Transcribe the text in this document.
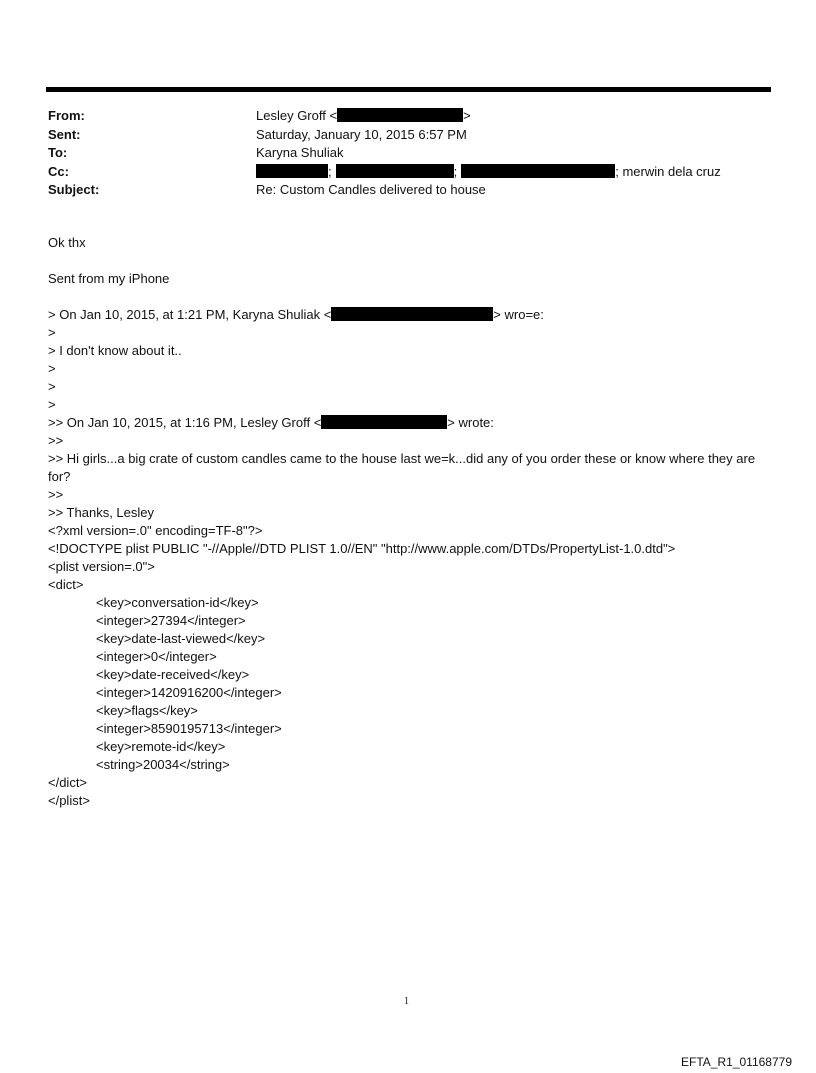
From:	Lesley Groff <	>
Sent:	Saturday, January 10, 2015 6:57 PM
To:	Karyna Shuliak
Cc:	;	;	; merwin dela cruz
Subject:	Re: Custom Candles delivered to house
Ok thx
Sent from my iPhone
> On Jan 10, 2015, at 1:21 PM, Karyna Shuliak <	> wro=e:
>
> I don't know about it..
>
>
>
>> On Jan 10, 2015, at 1:16 PM, Lesley Groff <	> wrote:
>>
>> Hi girls...a big crate of custom candles came to the house last we=k...did any of you order these or know where they are for?
>>
>> Thanks, Lesley
<?xml version=.0" encoding=TF-8"?>
<!DOCTYPE plist PUBLIC "-//Apple//DTD PLIST 1.0//EN" "http://www.apple.com/DTDs/PropertyList-1.0.dtd">
<plist version=.0">
<dict>
<key>conversation-id</key>
<integer>27394</integer>
<key>date-last-viewed</key>
<integer>0</integer>
<key>date-received</key>
<integer>1420916200</integer>
<key>flags</key>
<integer>8590195713</integer>
<key>remote-id</key>
<string>20034</string>
</dict>
</plist>
1
EFTA_R1_01168779
